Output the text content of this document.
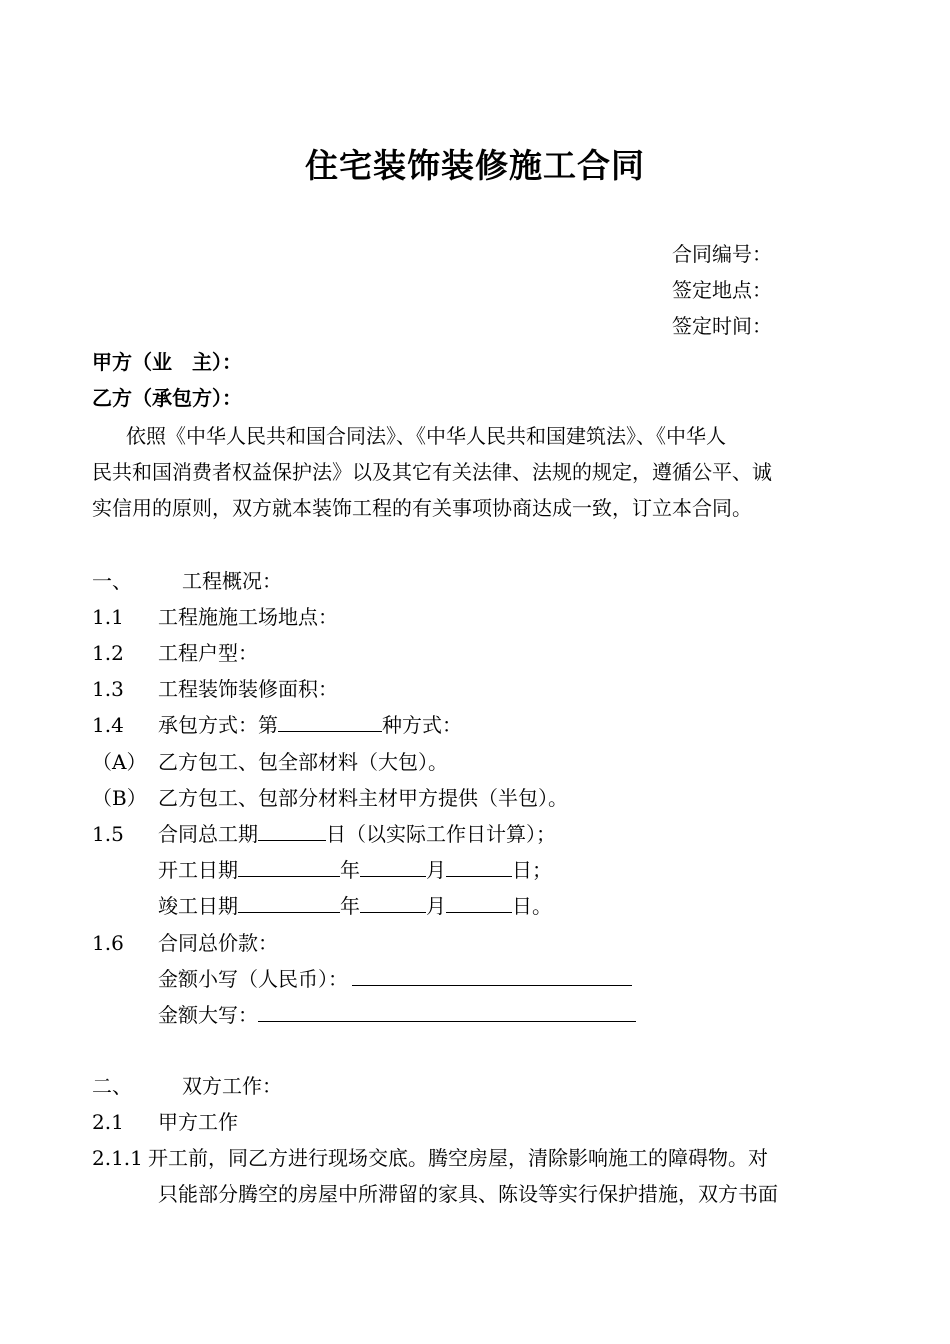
住宅装饰装修施工合同
合同编号：
签定地点：
签定时间：
甲方（业　主）：
乙方（承包方）：
依照《中华人民共和国合同法》、《中华人民共和国建筑法》、《中华人
民共和国消费者权益保护法》以及其它有关法律、法规的规定，遵循公平、诚
实信用的原则，双方就本装饰工程的有关事项协商达成一致，订立本合同。
一、	工程概况：
1.1 工程施施工场地点：
1.2 工程户型：
1.3 工程装饰装修面积：
1.4 承包方式：第	种方式：
（A） 乙方包工、包全部材料（大包）。
（B） 乙方包工、包部分材料主材甲方提供（半包）。
1.5 合同总工期	日（以实际工作日计算）；
开工日期	年	月	日；
竣工日期	年	月	日。
1.6 合同总价款：
金额小写（人民币）：
金额大写：
二、	双方工作：
2.1 甲方工作
2.1.1 开工前，同乙方进行现场交底。腾空房屋，清除影响施工的障碍物。对
只能部分腾空的房屋中所滞留的家具、陈设等实行保护措施，双方书面
